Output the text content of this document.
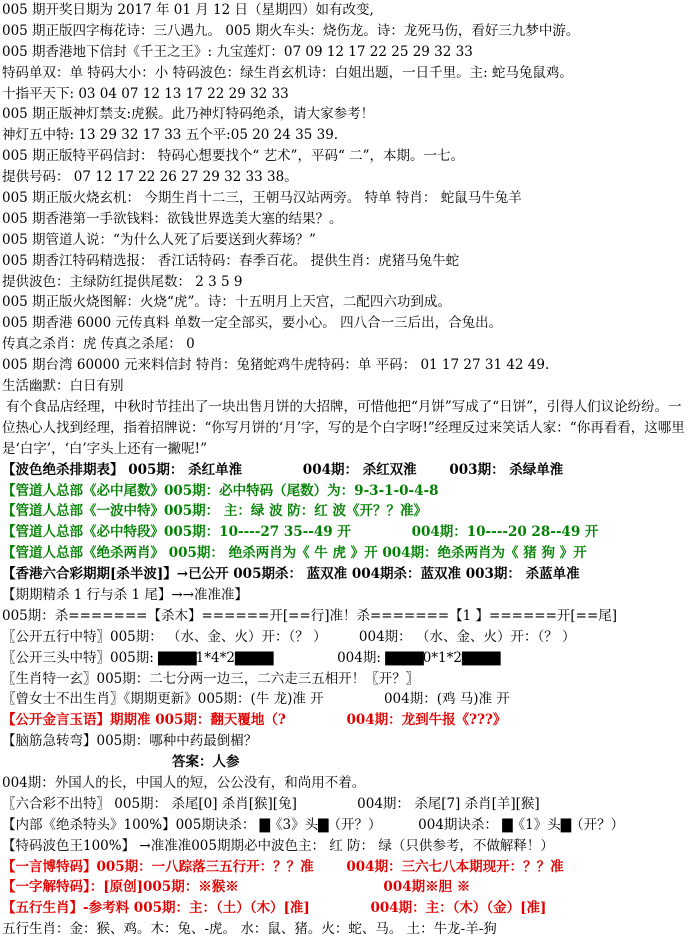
005 期开奖日期为 2017 年 01 月 12 日（星期四）如有改变,
005 期正版四字梅花诗：三八遇九。 005 期火车头：烧伤龙。诗：龙死马伤，看好三九梦中游。
005 期香港地下信封《千王之王》: 九宝莲灯：07 09 12 17 22 25 29 32 33
特码单双：单 特码大小：小 特码波色：绿生肖玄机诗：白姐出题，一日千里。主: 蛇马兔鼠鸡。
十指平天下: 03 04 07 12 13 17 22 29 32 33
005 期正版神灯禁支:虎猴。此乃神灯特码绝杀，请大家参考！
神灯五中特: 13 29 32 17 33 五个平:05 20 24 35 39.
005 期正版特平码信封： 特码心想要找个“ 艺术”，平码“ 二”，本期。一七。
提供号码： 07 12 17 22 26 27 29 32 33 38。
005 期正版火烧玄机： 今期生肖十二三，王朝马汉站两旁。 特单 特肖： 蛇鼠马牛兔羊
005 期香港第一手欲钱料：欲钱世界选美大塞的结果？。
005 期管道人说：“为什么人死了后要送到火葬场？”
005 期香江特码精选报： 香江话特码：春季百花。 提供生肖：虎猪马兔牛蛇
提供波色：主绿防红提供尾数： 2 3 5 9
005 期正版火烧图解：火烧“虎”。诗：十五明月上天宫，二配四六功到成。
005 期香港 6000 元传真料 单数一定全部买，要小心。 四八合一三后出，合兔出。
传真之杀肖：虎 传真之杀尾： 0
005 期台湾 60000 元来料信封 特肖：兔猪蛇鸡牛虎特码：单 平码： 01 17 27 31 42 49.
生活幽默：白日有别
有个食品店经理，中秋时节挂出了一块出售月饼的大招牌，可惜他把“月饼”写成了“日饼”，引得人们议论纷纷。一位热心人找到经理，指着招牌说：“你写月饼的‘月’字，写的是个白字呀!”经理反过来笑话人家：“你再看看，这哪里是‘白字’，‘白’字头上还有一撇呢!”
【波色绝杀排期表】 005期： 杀红单淮	004期： 杀红双淮 003期： 杀绿单淮
【管道人总部《必中尾数》005期：必中特码（尾数）为：9-3-1-0-4-8
【管道人总部《一波中特》005期： 主：绿 波 防：红 波《开？？准》
【管道人总部《必中特段》005期：10----27 35--49 开	004期：10----20 28--49 开
【管道人总部《绝杀两肖》 005期： 绝杀两肖为《 牛 虎 》开 004期：绝杀两肖为《 猪 狗 》开
【香港六合彩期期[杀半波]】→已公开 005期杀： 蓝双准 004期杀：蓝双准 003期： 杀蓝单准
【期期精杀 1 行与杀 1 尾】→→准准准】
005期：杀=======【杀木】======开[==行]准！杀=======【1 】======开[==尾]
〖公开五行中特〗005期： （水、金、火）开：（？ ） 004期： （水、金、火）开：（？ ）
〖公开三头中特〗005期: ▇▇▇▇1*4*2▇▇▇▇	004期: ▇▇▇▇0*1*2▇▇▇▇
〖生肖特一玄〗005期：二七分两一边三，二六走三五相开！〖开？〗
〖曾女士不出生肖〗《期期更新》005期：(牛 龙)准 开	004期：(鸡 马)准 开
【公开金言玉语】期期准 005期：翻天覆地（?	004期：龙到牛报《???》
【脑筋急转弯】005期：哪种中药最倒楣？
答案：人参
004期：外国人的长，中国人的短，公公没有，和尚用不着。
〖六合彩不出特〗 005期： 杀尾[0] 杀肖[猴][兔]	004期： 杀尾[7] 杀肖[羊][猴]
【内部《绝杀特头》100%】005期诀杀： ▇《3》头▇（开？）	004期诀杀： ▇《1》头▇（开？）
【特码波色王100%】 →准准准005期期必中波色主： 红 防： 绿（只供参考，不做解释！）
【一言博特码】005期：一八踪落三五行开：？？准 004期：三六七八本期现开：？？准
【一字解特码】：[原创]005期：※猴※	004期※胆 ※
【五行生肖】-参考料 005期：主：（土）（木）[准]	004期：主：（木）（金）[准]
五行生肖：金：猴、鸡。木：兔、-虎。 水：鼠、猪。火：蛇、马。 土：牛龙-羊-狗
